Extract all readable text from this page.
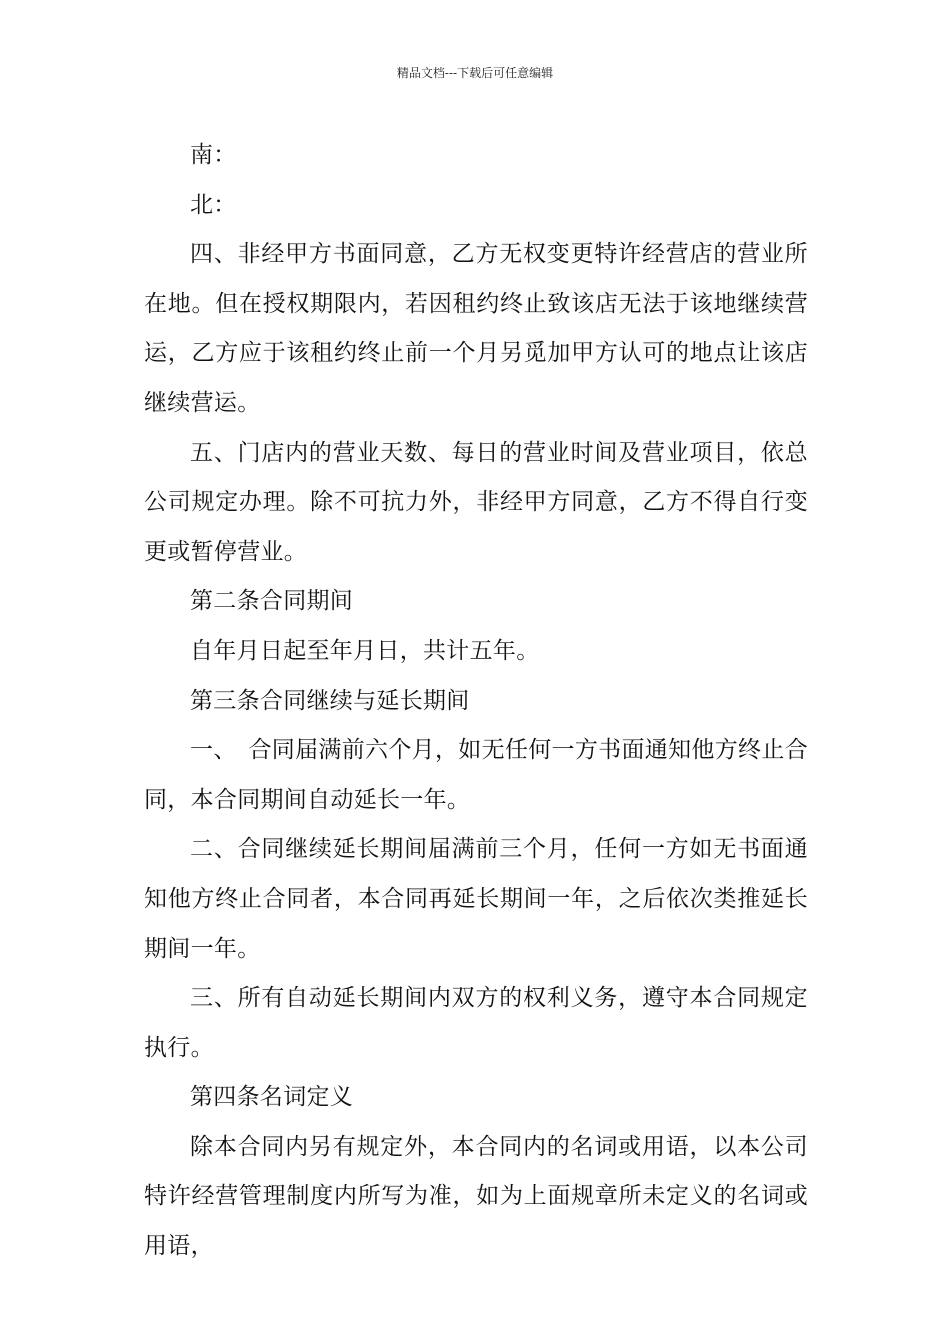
精品文档---下载后可任意编辑

南：

北：

四、非经甲方书面同意，乙方无权变更特许经营店的营业所在地。但在授权期限内，若因租约终止致该店无法于该地继续营运，乙方应于该租约终止前一个月另觅加甲方认可的地点让该店继续营运。

五、门店内的营业天数、每日的营业时间及营业项目，依总公司规定办理。除不可抗力外，非经甲方同意，乙方不得自行变更或暂停营业。

第二条合同期间

自年月日起至年月日，共计五年。

第三条合同继续与延长期间

一、　合同届满前六个月，如无任何一方书面通知他方终止合同，本合同期间自动延长一年。

二、合同继续延长期间届满前三个月，任何一方如无书面通知他方终止合同者，本合同再延长期间一年，之后依次类推延长期间一年。

三、所有自动延长期间内双方的权利义务，遵守本合同规定执行。

第四条名词定义

除本合同内另有规定外，本合同内的名词或用语，以本公司特许经营管理制度内所写为准，如为上面规章所未定义的名词或用语，
